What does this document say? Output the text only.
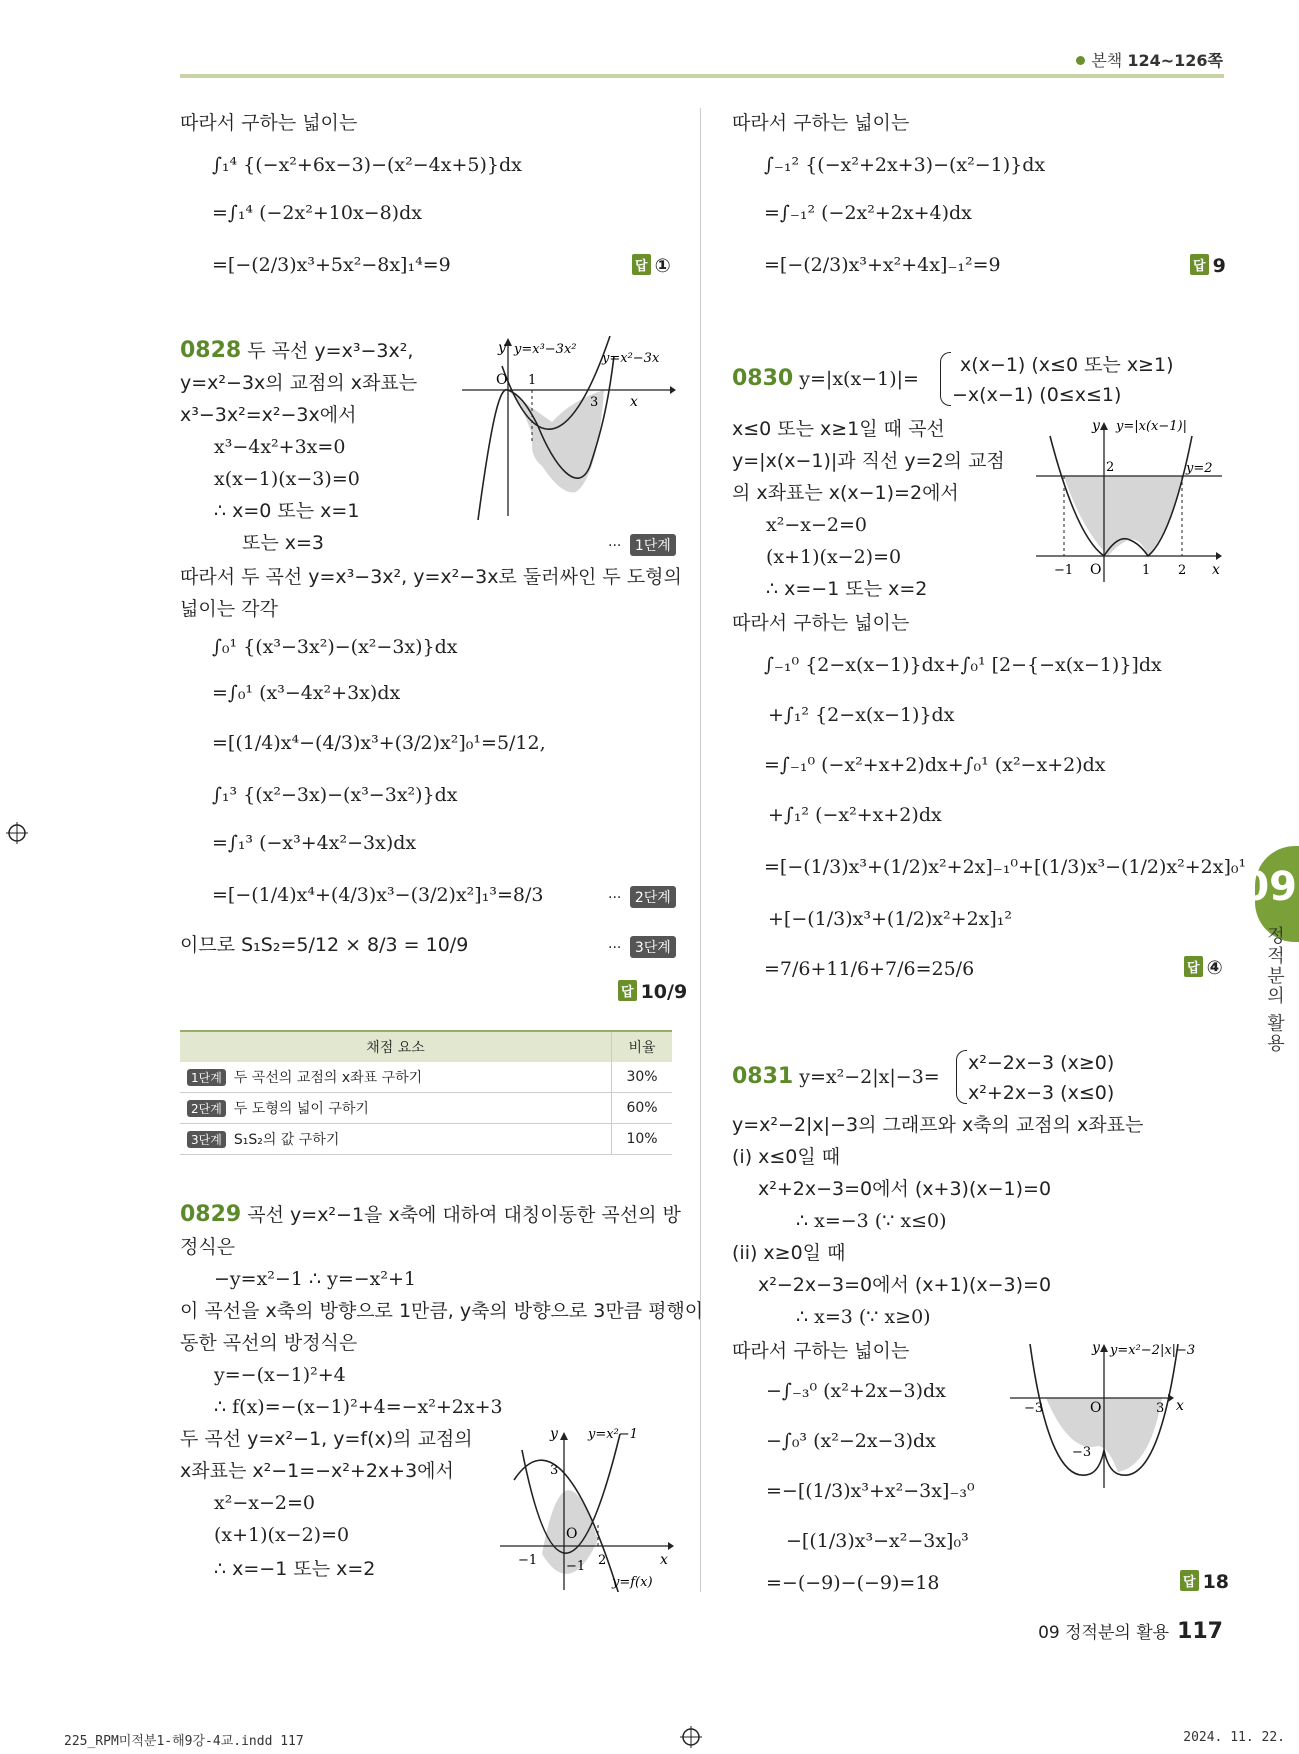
본책 124~126쪽
따라서 구하는 넓이는
∫₁⁴ {(−x²+6x−3)−(x²−4x+5)}dx
=∫₁⁴ (−2x²+10x−8)dx
=[−(2/3)x³+5x²−8x]₁⁴=9	답 ①
0828 두 곡선 y=x³−3x²,
y=x²−3x의 교점의 x좌표는
x³−3x²=x²−3x에서
x³−4x²+3x=0
x(x−1)(x−3)=0
∴ x=0 또는 x=1
또는 x=3	··· 1단계
따라서 두 곡선 y=x³−3x², y=x²−3x로 둘러싸인 두 도형의
넓이는 각각
∫₀¹ {(x³−3x²)−(x²−3x)}dx
=∫₀¹ (x³−4x²+3x)dx
=[(1/4)x⁴−(4/3)x³+(3/2)x²]₀¹=5/12,
∫₁³ {(x²−3x)−(x³−3x²)}dx
=∫₁³ (−x³+4x²−3x)dx
=[−(1/4)x⁴+(4/3)x³−(3/2)x²]₁³=8/3	··· 2단계
이므로 S₁S₂=5/12 × 8/3 = 10/9	··· 3단계
답 10/9
O 1
3 x
y y=x³−3x²
y=x²−3x
채점 요소	비율
1단계 두 곡선의 교점의 x좌표 구하기	30%
2단계 두 도형의 넓이 구하기	60%
3단계 S₁S₂의 값 구하기	10%
0829 곡선 y=x²−1을 x축에 대하여 대칭이동한 곡선의 방
정식은
−y=x²−1 ∴ y=−x²+1
이 곡선을 x축의 방향으로 1만큼, y축의 방향으로 3만큼 평행이
동한 곡선의 방정식은
y=−(x−1)²+4
∴ f(x)=−(x−1)²+4=−x²+2x+3
두 곡선 y=x²−1, y=f(x)의 교점의
x좌표는 x²−1=−x²+2x+3에서
x²−x−2=0
(x+1)(x−2)=0
∴ x=−1 또는 x=2
3
−1
O
2
−1	x
y y=x²−1
y=f(x)
따라서 구하는 넓이는
∫₋₁² {(−x²+2x+3)−(x²−1)}dx
=∫₋₁² (−2x²+2x+4)dx
=[−(2/3)x³+x²+4x]₋₁²=9	답 9
0830 y=|x(x−1)|=
x(x−1) (x≤0 또는 x≥1)
−x(x−1) (0≤x≤1)
x≤0 또는 x≥1일 때 곡선
y=|x(x−1)|과 직선 y=2의 교점
의 x좌표는 x(x−1)=2에서
x²−x−2=0
(x+1)(x−2)=0
∴ x=−1 또는 x=2
따라서 구하는 넓이는
∫₋₁⁰ {2−x(x−1)}dx+∫₀¹ [2−{−x(x−1)}]dx
+∫₁² {2−x(x−1)}dx
=∫₋₁⁰ (−x²+x+2)dx+∫₀¹ (x²−x+2)dx
+∫₁² (−x²+x+2)dx
=[−(1/3)x³+(1/2)x²+2x]₋₁⁰+[(1/3)x³−(1/2)x²+2x]₀¹
+[−(1/3)x³+(1/2)x²+2x]₁²
=7/6+11/6+7/6=25/6	답 ④
2
−1 O	1 2 x
y y=|x(x−1)|
y=2
0831 y=x²−2|x|−3=
x²−2x−3 (x≥0)
x²+2x−3 (x≤0)
y=x²−2|x|−3의 그래프와 x축의 교점의 x좌표는
(i) x≤0일 때
x²+2x−3=0에서 (x+3)(x−1)=0
∴ x=−3 (∵ x≤0)
(ii) x≥0일 때
x²−2x−3=0에서 (x+1)(x−3)=0
∴ x=3 (∵ x≥0)
따라서 구하는 넓이는
−∫₋₃⁰ (x²+2x−3)dx
−∫₀³ (x²−2x−3)dx
=−[(1/3)x³+x²−3x]₋₃⁰
−[(1/3)x³−x²−3x]₀³
=−(−9)−(−9)=18	답 18
−3	O	3
−3
x
y y=x²−2|x|−3
09
정적분의 활용
09 정적분의 활용 117
225_RPM미적분1-해9강-4교.indd 117	2024. 11. 22.
